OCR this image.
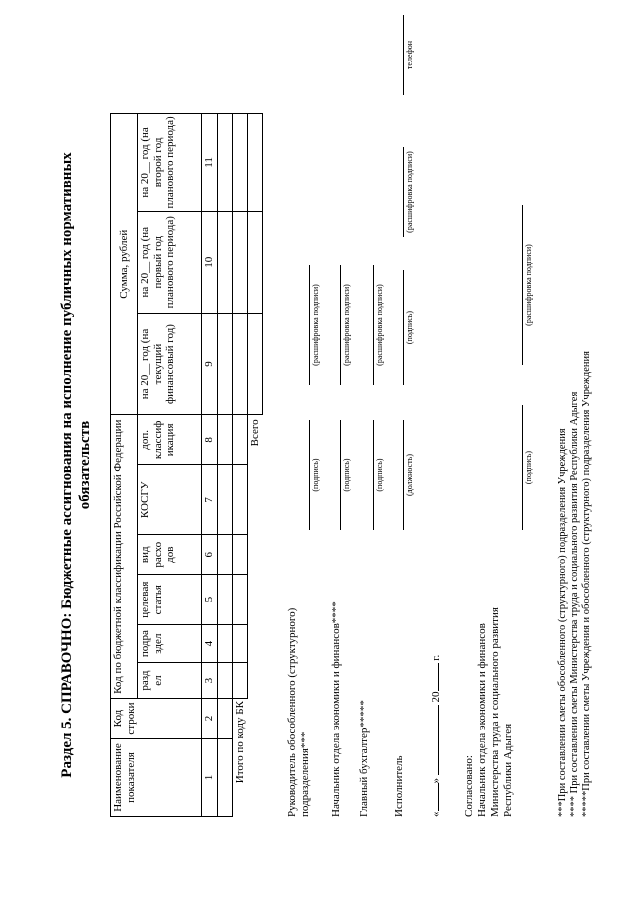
Раздел 5. СПРАВОЧНО: Бюджетные ассигнования на исполнение публичных нормативных обязательств
Наименование показателя	Код строки	Код по бюджетной классификации Российской Федерации						Сумма, рублей		
		разд ел	подра здел	целевая статья	вид расхо дов	КОСГУ	доп. классиф икация	на 20__ год (на текущий финансовый год)	на 20__ год (на первый год планового периода)	на 20__ год (на второй год планового периода)
1	2	3	4	5	6	7	8	9	10	11

Итого по коду БК										
Всего										
Руководитель обособленного (структурного) подразделения***
(подпись)
(расшифровка подписи)
Начальник отдела экономики и финансов****
(подпись)
(расшифровка подписи)
Главный бухгалтер*****
(подпись)
(расшифровка подписи)
Исполнитель
(должность)
(подпись)
(расшифровка подписи)
телефон
«»  20 г.
Согласовано: Начальник отдела экономики и финансов Министерства труда и социального развития Республики Адыгея
(подпись)
(расшифровка подписи)
***При составлении сметы обособленного (структурного) подразделения Учреждения **** При составлении сметы Министерства труда и социального развития Республики Адыгея *****При составлении сметы Учреждения и обособленного (структурного) подразделения Учреждения
